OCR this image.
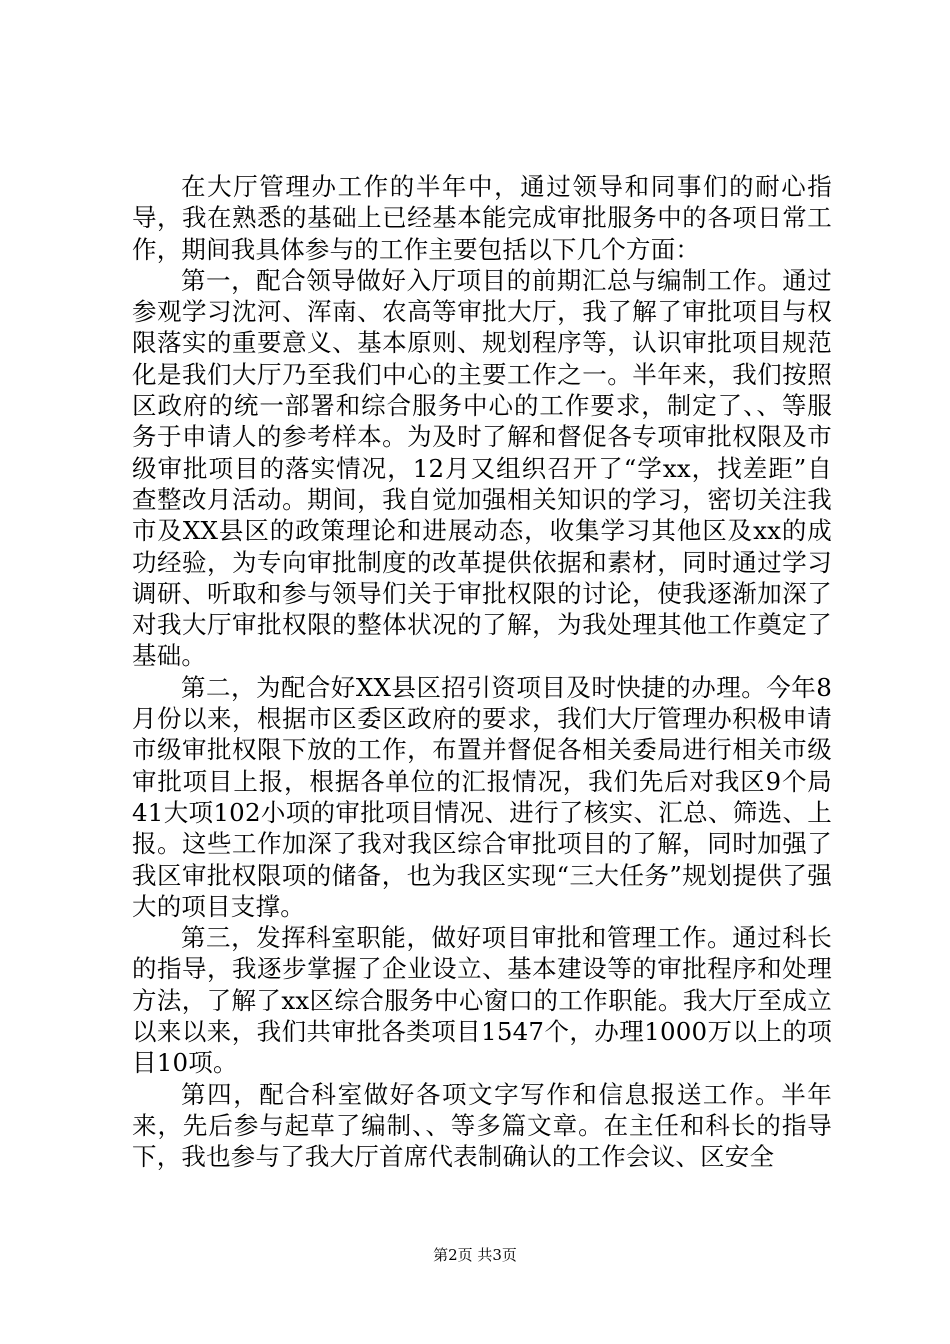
在大厅管理办工作的半年中，通过领导和同事们的耐心指导，我在熟悉的基础上已经基本能完成审批服务中的各项日常工作，期间我具体参与的工作主要包括以下几个方面：

第一，配合领导做好入厅项目的前期汇总与编制工作。通过参观学习沈河、浑南、农高等审批大厅，我了解了审批项目与权限落实的重要意义、基本原则、规划程序等，认识审批项目规范化是我们大厅乃至我们中心的主要工作之一。半年来，我们按照区政府的统一部署和综合服务中心的工作要求，制定了、、等服务于申请人的参考样本。为及时了解和督促各专项审批权限及市级审批项目的落实情况，12月又组织召开了“学xx，找差距”自查整改月活动。期间，我自觉加强相关知识的学习，密切关注我市及XX县区的政策理论和进展动态，收集学习其他区及xx的成功经验，为专向审批制度的改革提供依据和素材，同时通过学习调研、听取和参与领导们关于审批权限的讨论，使我逐渐加深了对我大厅审批权限的整体状况的了解，为我处理其他工作奠定了基础。

第二，为配合好XX县区招引资项目及时快捷的办理。今年8月份以来，根据市区委区政府的要求，我们大厅管理办积极申请市级审批权限下放的工作，布置并督促各相关委局进行相关市级审批项目上报，根据各单位的汇报情况，我们先后对我区9个局41大项102小项的审批项目情况、进行了核实、汇总、筛选、上报。这些工作加深了我对我区综合审批项目的了解，同时加强了我区审批权限项的储备，也为我区实现“三大任务”规划提供了强大的项目支撑。

第三，发挥科室职能，做好项目审批和管理工作。通过科长的指导，我逐步掌握了企业设立、基本建设等的审批程序和处理方法，了解了xx区综合服务中心窗口的工作职能。我大厅至成立以来以来，我们共审批各类项目1547个，办理1000万以上的项目10项。

第四，配合科室做好各项文字写作和信息报送工作。半年来，先后参与起草了编制、、等多篇文章。在主任和科长的指导下，我也参与了我大厅首席代表制确认的工作会议、区安全

第2页 共3页
